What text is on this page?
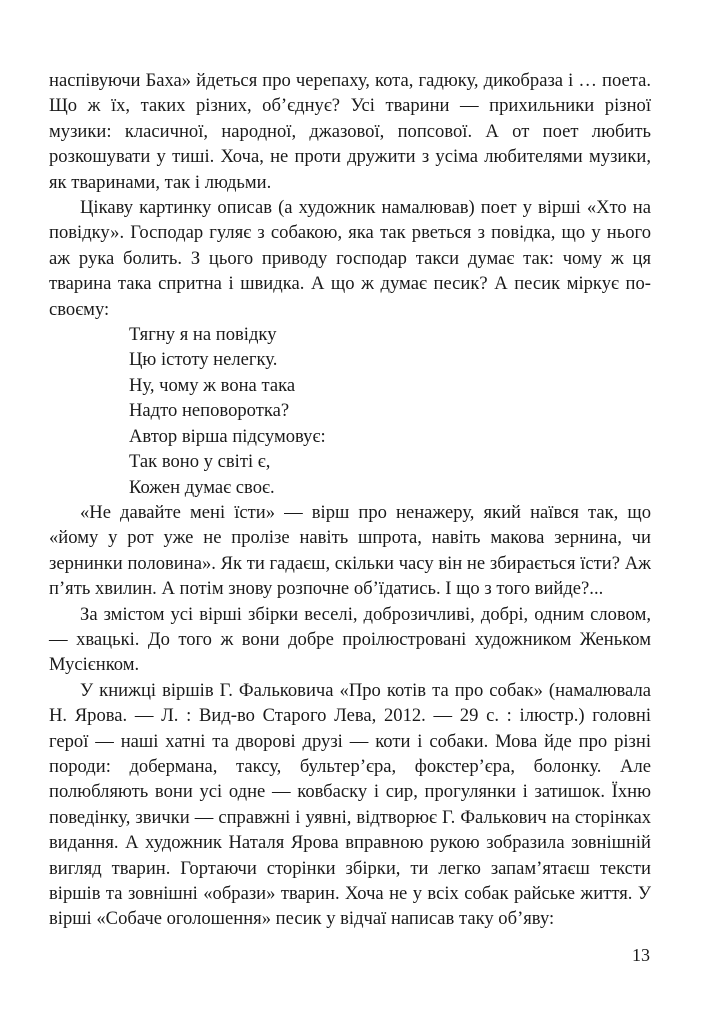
наспівуючи Баха» йдеться про черепаху, кота, гадюку, дикобраза і … поета. Що ж їх, таких різних, об’єднує? Усі тварини — прихильники різної музики: класичної, народної, джазової, попсової. А от поет любить розкошувати у тиші. Хоча, не проти дружити з усіма любителями музики, як тваринами, так і людьми.

Цікаву картинку описав (а художник намалював) поет у вірші «Хто на повідку». Господар гуляє з собакою, яка так рветься з повідка, що у нього аж рука болить. З цього приводу господар такси думає так: чому ж ця тварина така спритна і швидка. А що ж думає песик? А песик міркує по-своєму:

Тягну я на повідку
Цю істоту нелегку.
Ну, чому ж вона така
Надто неповоротка?
Автор вірша підсумовує:
Так воно у світі є,
Кожен думає своє.

«Не давайте мені їсти» — вірш про ненажеру, який наївся так, що «йому у рот уже не пролізе навіть шпрота, навіть макова зернина, чи зернинки половина». Як ти гадаєш, скільки часу він не збирається їсти? Аж п’ять хвилин. А потім знову розпочне об’їдатись. І що з того вийде?...

За змістом усі вірші збірки веселі, доброзичливі, добрі, одним словом, — хвацькі. До того ж вони добре проілюстровані художником Женьком Мусієнком.

У книжці віршів Г. Фальковича «Про котів та про собак» (намалювала Н. Ярова. — Л. : Вид-во Старого Лева, 2012. — 29 с. : ілюстр.) головні герої — наші хатні та дворові друзі — коти і собаки. Мова йде про різні породи: добермана, таксу, бультер’єра, фокстер’єра, болонку. Але полюбляють вони усі одне — ковбаску і сир, прогулянки і затишок. Їхню поведінку, звички — справжні і уявні, відтворює Г. Фалькович на сторінках видання. А художник Наталя Ярова вправною рукою зобразила зовнішній вигляд тварин. Гортаючи сторінки збірки, ти легко запам’ятаєш тексти віршів та зовнішні «образи» тварин. Хоча не у всіх собак райське життя. У вірші «Собаче оголошення» песик у відчаї написав таку об’яву:

13
